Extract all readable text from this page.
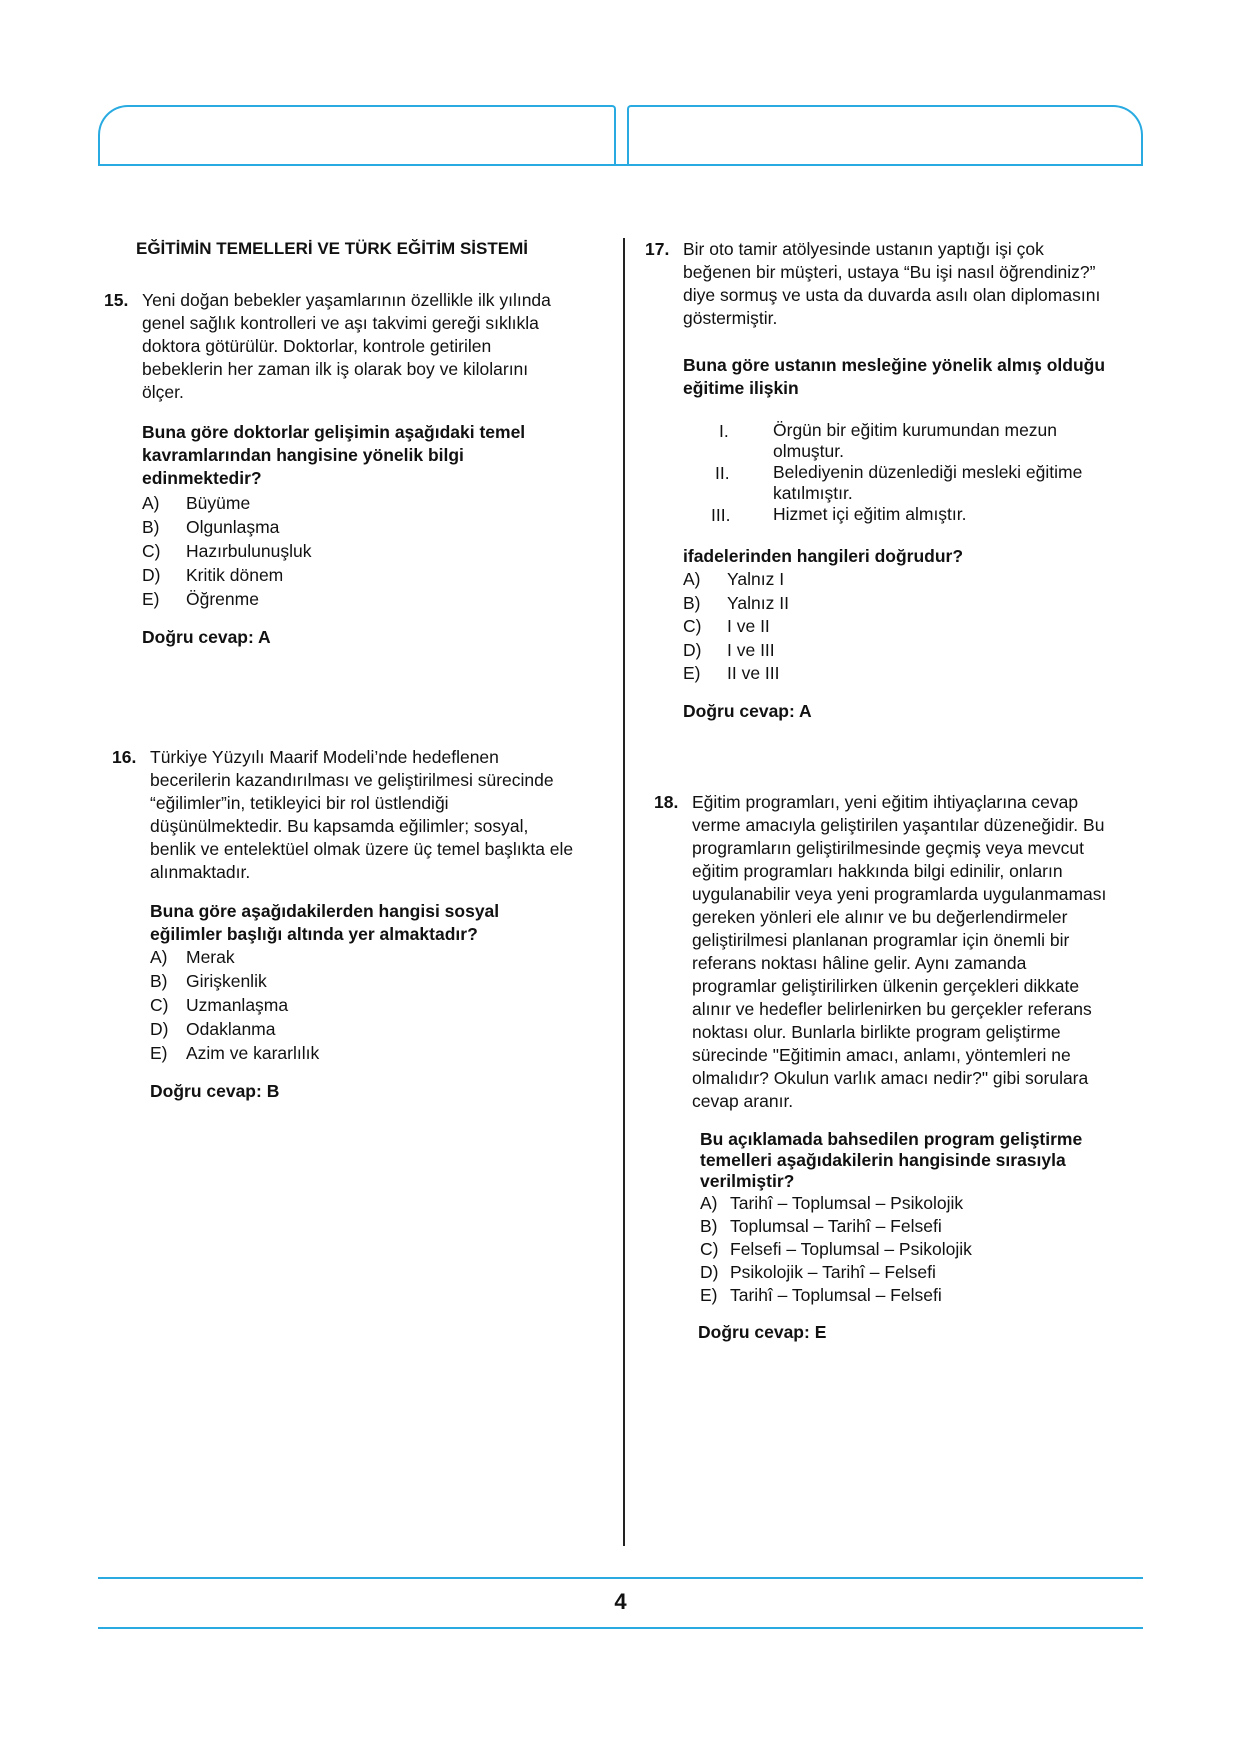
EĞİTİMİN TEMELLERİ VE TÜRK EĞİTİM SİSTEMİ
15. Yeni doğan bebekler yaşamlarının özellikle ilk yılında
genel sağlık kontrolleri ve aşı takvimi gereği sıklıkla
doktora götürülür. Doktorlar, kontrole getirilen
bebeklerin her zaman ilk iş olarak boy ve kilolarını
ölçer.
Buna göre doktorlar gelişimin aşağıdaki temel
kavramlarından hangisine yönelik bilgi
edinmektedir?
A) Büyüme
B) Olgunlaşma
C) Hazırbulunuşluk
D) Kritik dönem
E) Öğrenme
Doğru cevap: A
16. Türkiye Yüzyılı Maarif Modeli’nde hedeflenen
becerilerin kazandırılması ve geliştirilmesi sürecinde
“eğilimler”in, tetikleyici bir rol üstlendiği
düşünülmektedir. Bu kapsamda eğilimler; sosyal,
benlik ve entelektüel olmak üzere üç temel başlıkta ele
alınmaktadır.
Buna göre aşağıdakilerden hangisi sosyal
eğilimler başlığı altında yer almaktadır?
A) Merak
B) Girişkenlik
C) Uzmanlaşma
D) Odaklanma
E) Azim ve kararlılık
Doğru cevap: B
17. Bir oto tamir atölyesinde ustanın yaptığı işi çok
beğenen bir müşteri, ustaya “Bu işi nasıl öğrendiniz?”
diye sormuş ve usta da duvarda asılı olan diplomasını
göstermiştir.
Buna göre ustanın mesleğine yönelik almış olduğu
eğitime ilişkin
I.	Örgün bir eğitim kurumundan mezun
olmuştur.
II.	Belediyenin düzenlediği mesleki eğitime
katılmıştır.
III.	Hizmet içi eğitim almıştır.
ifadelerinden hangileri doğrudur?
A) Yalnız I
B) Yalnız II
C) I ve II
D) I ve III
E) II ve III
Doğru cevap: A
18. Eğitim programları, yeni eğitim ihtiyaçlarına cevap
verme amacıyla geliştirilen yaşantılar düzeneğidir. Bu
programların geliştirilmesinde geçmiş veya mevcut
eğitim programları hakkında bilgi edinilir, onların
uygulanabilir veya yeni programlarda uygulanmaması
gereken yönleri ele alınır ve bu değerlendirmeler
geliştirilmesi planlanan programlar için önemli bir
referans noktası hâline gelir. Aynı zamanda
programlar geliştirilirken ülkenin gerçekleri dikkate
alınır ve hedefler belirlenirken bu gerçekler referans
noktası olur. Bunlarla birlikte program geliştirme
sürecinde "Eğitimin amacı, anlamı, yöntemleri ne
olmalıdır? Okulun varlık amacı nedir?" gibi sorulara
cevap aranır.
Bu açıklamada bahsedilen program geliştirme
temelleri aşağıdakilerin hangisinde sırasıyla
verilmiştir?
A) Tarihî – Toplumsal – Psikolojik
B) Toplumsal – Tarihî – Felsefi
C) Felsefi – Toplumsal – Psikolojik
D) Psikolojik – Tarihî – Felsefi
E) Tarihî – Toplumsal – Felsefi
Doğru cevap: E
4
